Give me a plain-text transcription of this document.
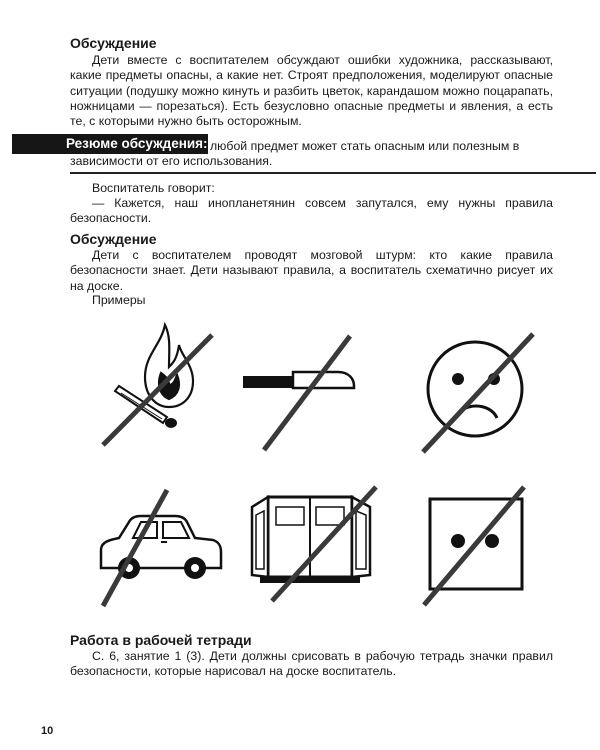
Обсуждение

Дети вместе с воспитателем обсуждают ошибки художника, рассказывают, какие предметы опасны, а какие нет. Строят предположения, моделируют опасные ситуации (подушку можно кинуть и разбить цветок, карандашом можно поцарапать, ножницами — порезаться). Есть безусловно опасные предметы и явления, а есть те, с которыми нужно быть осторожным.

Резюме обсуждения: любой предмет может стать опасным или полезным в зависимости от его использования.

Воспитатель говорит:

— Кажется, наш инопланетянин совсем запутался, ему нужны правила безопасности.

Обсуждение

Дети с воспитателем проводят мозговой штурм: кто какие правила безопасности знает. Дети называют правила, а воспитатель схематично рисует их на доске.

Примеры

Работа в рабочей тетради

С. 6, занятие 1 (3). Дети должны срисовать в рабочую тетрадь значки правил безопасности, которые нарисовал на доске воспитатель.

10
